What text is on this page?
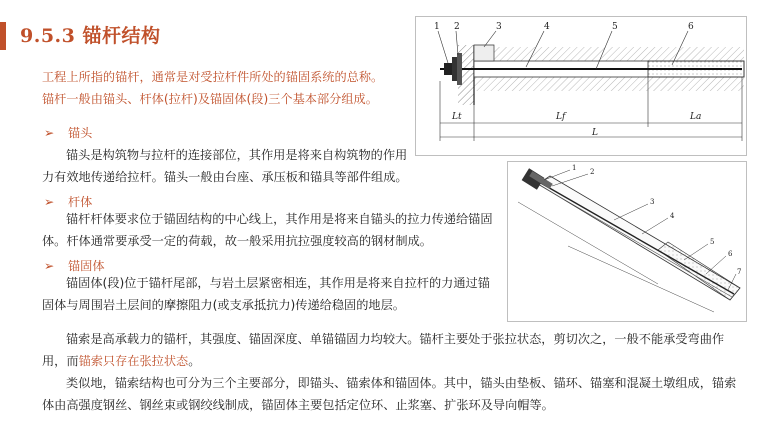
9.5.3 锚杆结构
工程上所指的锚杆，通常是对受拉杆件所处的锚固系统的总称。
锚杆一般由锚头、杆体(拉杆)及锚固体(段)三个基本部分组成。
➢ 锚头
锚头是构筑物与拉杆的连接部位，其作用是将来自构筑物的作用力有效地传递给拉杆。锚头一般由台座、承压板和锚具等部件组成。
➢ 杆体
锚杆杆体要求位于锚固结构的中心线上，其作用是将来自锚头的拉力传递给锚固体。杆体通常要承受一定的荷载，故一般采用抗拉强度较高的钢材制成。
➢ 锚固体
锚固体(段)位于锚杆尾部，与岩土层紧密相连，其作用是将来自拉杆的力通过锚固体与周围岩土层间的摩擦阻力(或支承抵抗力)传递给稳固的地层。
锚索是高承载力的锚杆，其强度、锚固深度、单锚锚固力均较大。锚杆主要处于张拉状态，剪切次之，一般不能承受弯曲作用，而锚索只存在张拉状态。
类似地，锚索结构也可分为三个主要部分，即锚头、锚索体和锚固体。其中，锚头由垫板、锚环、锚塞和混凝土墩组成，锚索体由高强度钢丝、钢丝束或钢绞线制成，锚固体主要包括定位环、止浆塞、扩张环及导向帽等。
1 2	3	4	5	6
Lt	Lf	La
L
1 2
3
4
5
6
7
